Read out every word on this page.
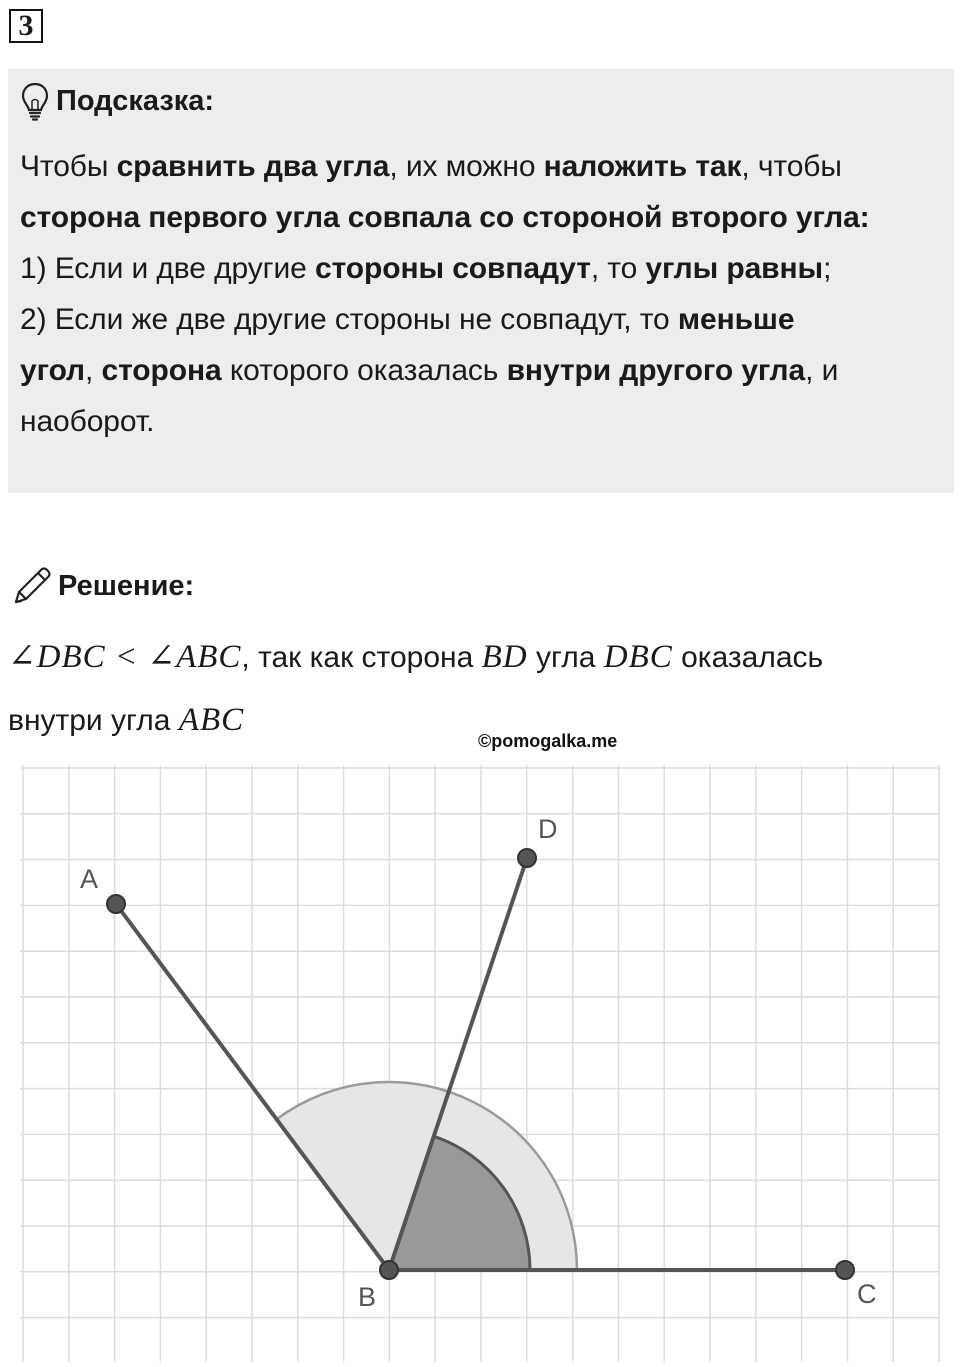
3
Подсказка:
Чтобы сравнить два угла, их можно наложить так, чтобы
сторона первого угла совпала со стороной второго угла:
1) Если и две другие стороны совпадут, то углы равны;
2) Если же две другие стороны не совпадут, то меньше
угол, сторона которого оказалась внутри другого угла, и
наоборот.
Решение:
∠DBC < ∠ABC, так как сторона BD угла DBC оказалась
внутри угла ABC
©pomogalka.me
A
B	C
D
